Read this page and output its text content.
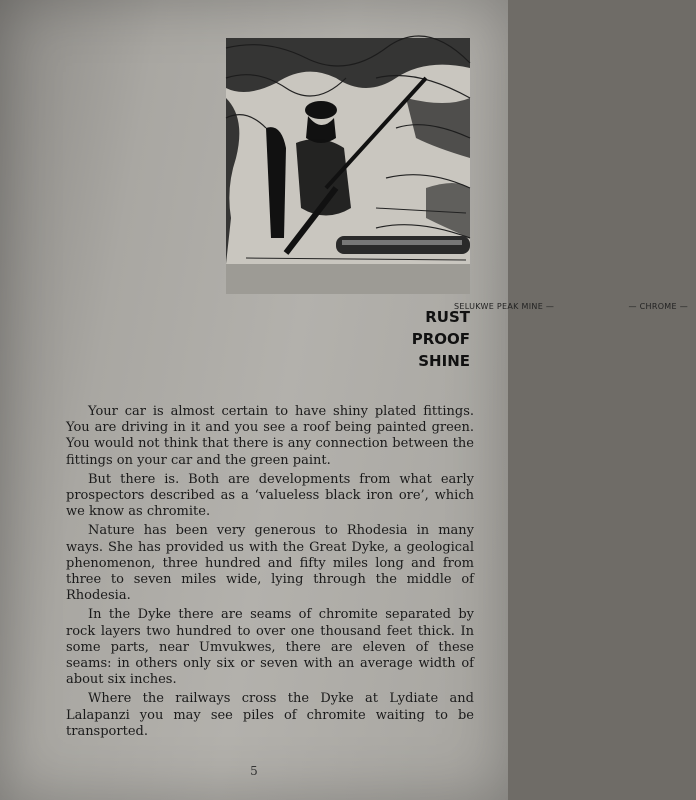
SELUKWE PEAK MINE —	— CHROME —
RUST
PROOF
SHINE

Your car is almost certain to have shiny plated fittings. You are driving in it and you see a roof being painted green. You would not think that there is any connection between the fittings on your car and the green paint.

But there is. Both are developments from what early prospectors described as a ‘valueless black iron ore’, which we know as chromite.

Nature has been very generous to Rhodesia in many ways. She has provided us with the Great Dyke, a geological phenomenon, three hundred and fifty miles long and from three to seven miles wide, lying through the middle of Rhodesia.

In the Dyke there are seams of chromite separated by rock layers two hundred to over one thousand feet thick. In some parts, near Umvukwes, there are eleven of these seams: in others only six or seven with an average width of about six inches.

Where the railways cross the Dyke at Lydiate and Lalapanzi you may see piles of chromite waiting to be transported.

5
